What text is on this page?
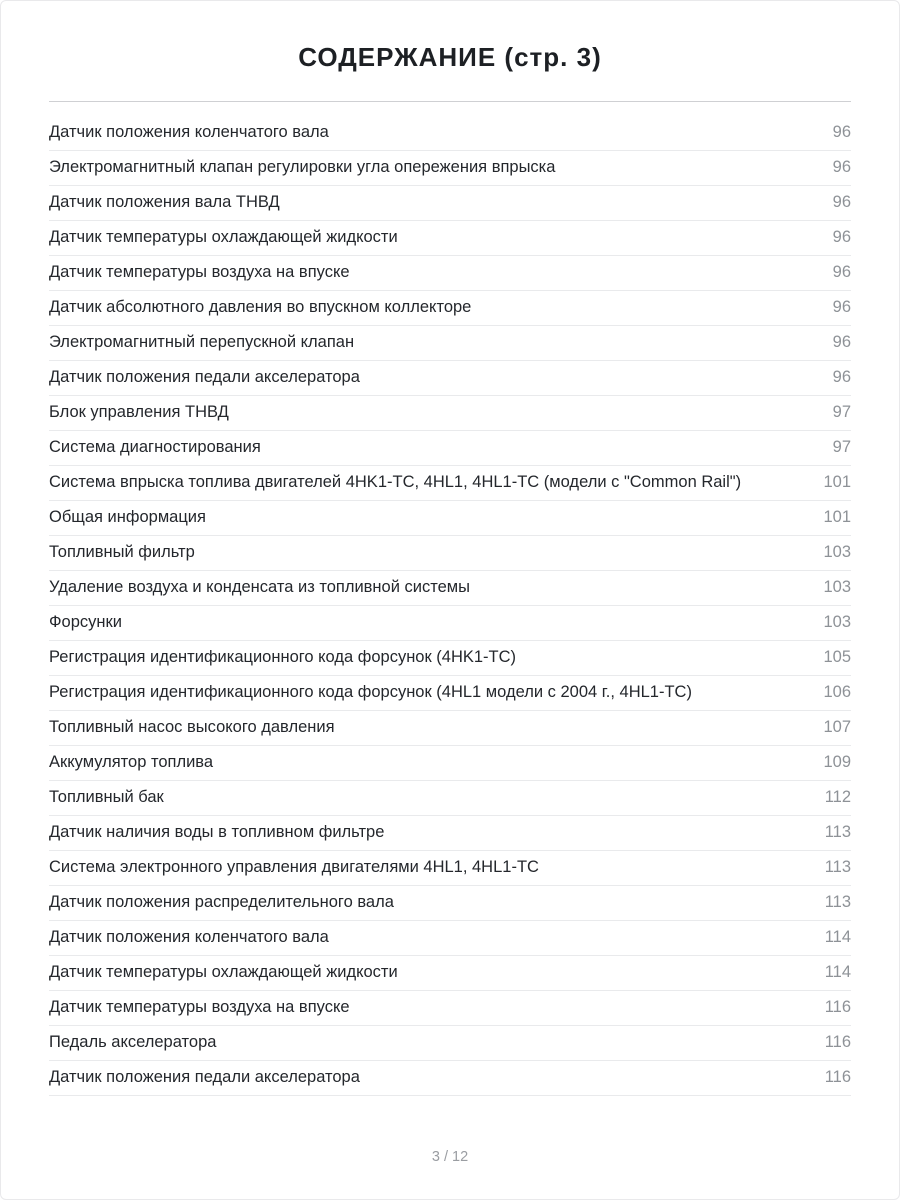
СОДЕРЖАНИЕ (стр. 3)
Датчик положения коленчатого вала	96
Электромагнитный клапан регулировки угла опережения впрыска	96
Датчик положения вала ТНВД	96
Датчик температуры охлаждающей жидкости	96
Датчик температуры воздуха на впуске	96
Датчик абсолютного давления во впускном коллекторе	96
Электромагнитный перепускной клапан	96
Датчик положения педали акселератора	96
Блок управления ТНВД	97
Система диагностирования	97
Система впрыска топлива двигателей 4HK1-TC, 4HL1, 4HL1-TC (модели с "Common Rail")	101
Общая информация	101
Топливный фильтр	103
Удаление воздуха и конденсата из топливной системы	103
Форсунки	103
Регистрация идентификационного кода форсунок (4HK1-TC)	105
Регистрация идентификационного кода форсунок (4HL1 модели с 2004 г., 4HL1-TC)	106
Топливный насос высокого давления	107
Аккумулятор топлива	109
Топливный бак	112
Датчик наличия воды в топливном фильтре	113
Система электронного управления двигателями 4HL1, 4HL1-TC	113
Датчик положения распределительного вала	113
Датчик положения коленчатого вала	114
Датчик температуры охлаждающей жидкости	114
Датчик температуры воздуха на впуске	116
Педаль акселератора	116
Датчик положения педали акселератора	116
3 / 12
